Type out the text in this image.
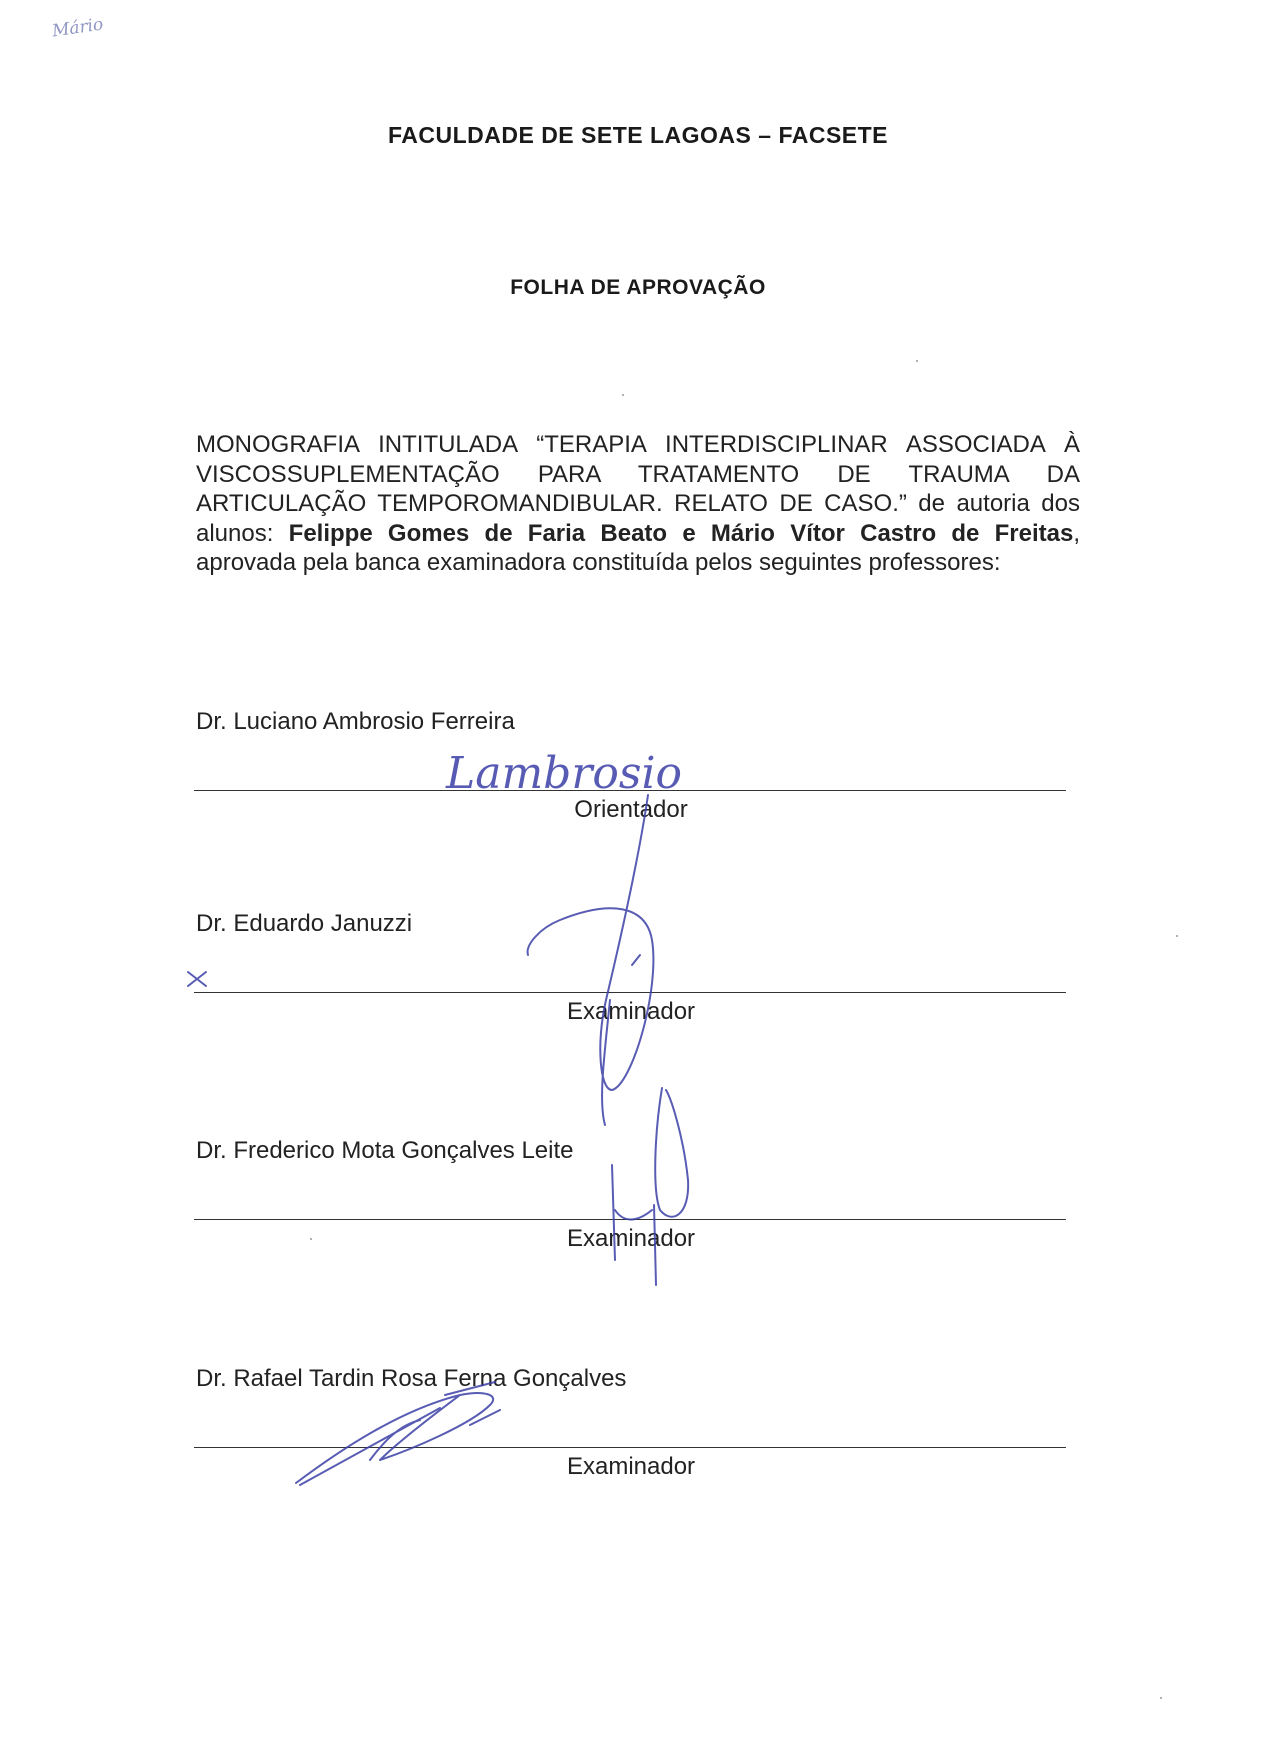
Mário
FACULDADE DE SETE LAGOAS – FACSETE
FOLHA DE APROVAÇÃO

MONOGRAFIA INTITULADA “TERAPIA INTERDISCIPLINAR ASSOCIADA À VISCOSSUPLEMENTAÇÃO PARA TRATAMENTO DE TRAUMA DA ARTICULAÇÃO TEMPOROMANDIBULAR. RELATO DE CASO.” de autoria dos alunos: Felippe Gomes de Faria Beato e Mário Vítor Castro de Freitas, aprovada pela banca examinadora constituída pelos seguintes professores:

Dr. Luciano Ambrosio Ferreira
Orientador
Dr. Eduardo Januzzi
Examinador
Dr. Frederico Mota Gonçalves Leite
Examinador
Dr. Rafael Tardin Rosa Ferna Gonçalves
Examinador
Lambrosio
